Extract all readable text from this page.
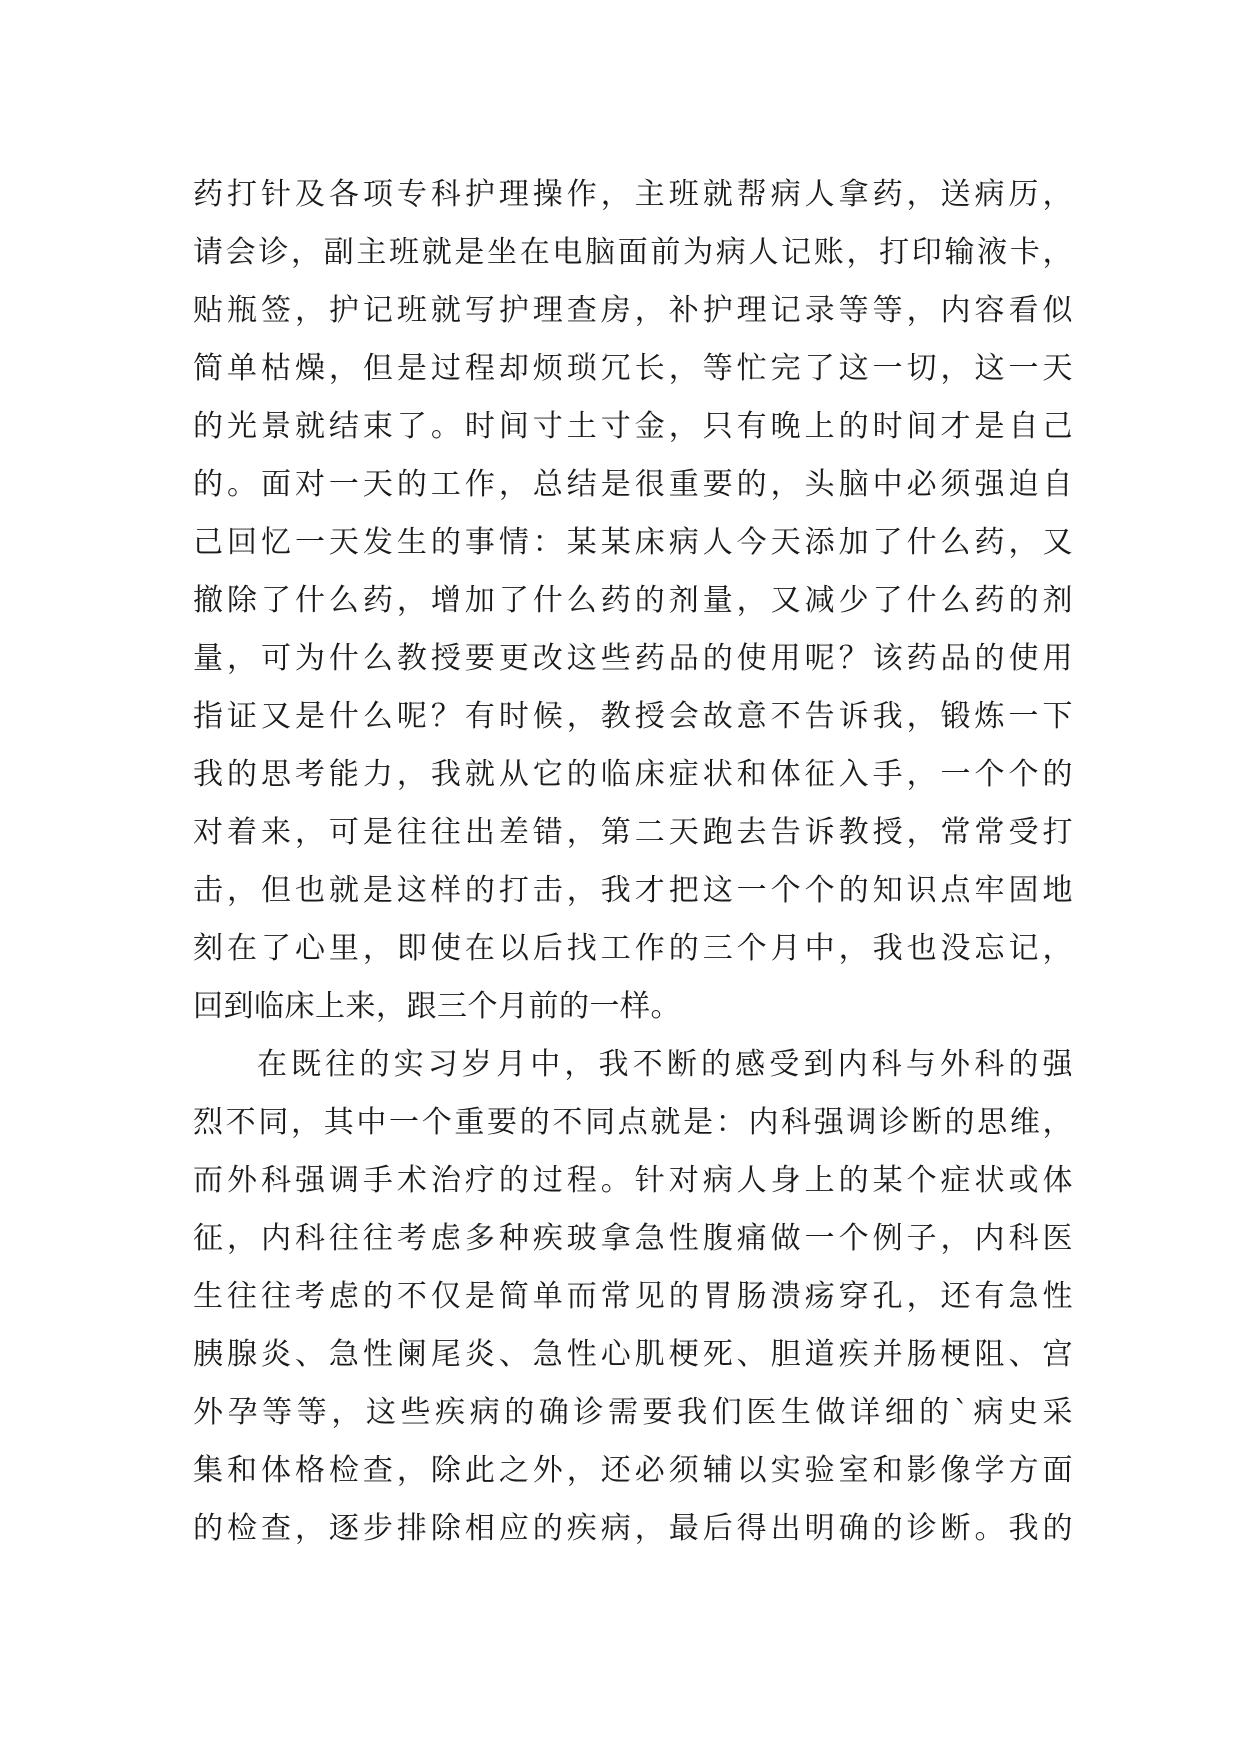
药打针及各项专科护理操作，主班就帮病人拿药，送病历，
请会诊，副主班就是坐在电脑面前为病人记账，打印输液卡，
贴瓶签，护记班就写护理查房，补护理记录等等，内容看似
简单枯燥，但是过程却烦琐冗长，等忙完了这一切，这一天
的光景就结束了。时间寸土寸金，只有晚上的时间才是自己
的。面对一天的工作，总结是很重要的，头脑中必须强迫自
己回忆一天发生的事情：某某床病人今天添加了什么药，又
撤除了什么药，增加了什么药的剂量，又减少了什么药的剂
量，可为什么教授要更改这些药品的使用呢？该药品的使用
指证又是什么呢？有时候，教授会故意不告诉我，锻炼一下
我的思考能力，我就从它的临床症状和体征入手，一个个的
对着来，可是往往出差错，第二天跑去告诉教授，常常受打
击，但也就是这样的打击，我才把这一个个的知识点牢固地
刻在了心里，即使在以后找工作的三个月中，我也没忘记，
回到临床上来，跟三个月前的一样。
在既往的实习岁月中，我不断的感受到内科与外科的强
烈不同，其中一个重要的不同点就是：内科强调诊断的思维，
而外科强调手术治疗的过程。针对病人身上的某个症状或体
征，内科往往考虑多种疾玻拿急性腹痛做一个例子，内科医
生往往考虑的不仅是简单而常见的胃肠溃疡穿孔，还有急性
胰腺炎、急性阑尾炎、急性心肌梗死、胆道疾并肠梗阻、宫
外孕等等，这些疾病的确诊需要我们医生做详细的`病史采
集和体格检查，除此之外，还必须辅以实验室和影像学方面
的检查，逐步排除相应的疾病，最后得出明确的诊断。我的
